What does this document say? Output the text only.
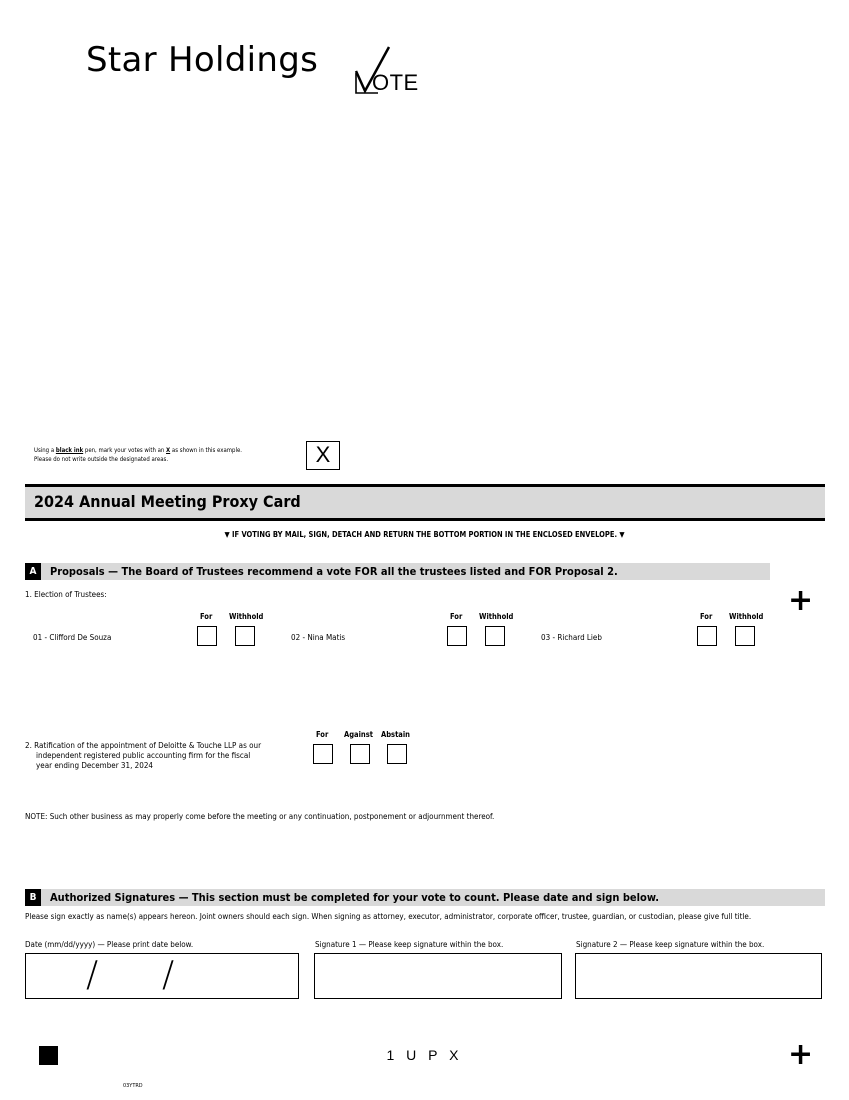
Star Holdings
OTE
Using a black ink pen, mark your votes with an X as shown in this example.
Please do not write outside the designated areas.	X
2024 Annual Meeting Proxy Card
▼ IF VOTING BY MAIL, SIGN, DETACH AND RETURN THE BOTTOM PORTION IN THE ENCLOSED ENVELOPE. ▼
A	Proposals — The Board of Trustees recommend a vote FOR all the trustees listed and FOR Proposal 2.
+
1. Election of Trustees:
For Withhold	For Withhold	For Withhold
01 - Clifford De Souza	02 - Nina Matis	03 - Richard Lieb
2. Ratification of the appointment of Deloitte & Touche LLP as our
independent registered public accounting firm for the fiscal
year ending December 31, 2024
For Against Abstain
NOTE: Such other business as may properly come before the meeting or any continuation, postponement or adjournment thereof.
B	Authorized Signatures — This section must be completed for your vote to count. Please date and sign below.
Please sign exactly as name(s) appears hereon. Joint owners should each sign. When signing as attorney, executor, administrator, corporate officer, trustee, guardian, or custodian, please give full title.
Date (mm/dd/yyyy) — Please print date below.	Signature 1 — Please keep signature within the box.	Signature 2 — Please keep signature within the box.
/ /
1 U P X	+
03YTRD
